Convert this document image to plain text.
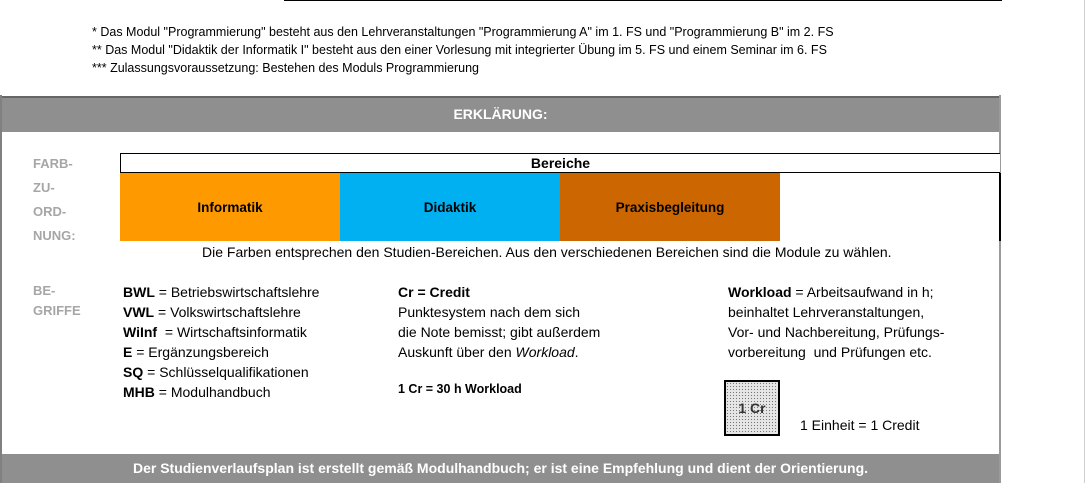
* Das Modul "Programmierung" besteht aus den Lehrveranstaltungen "Programmierung A" im 1. FS und "Programmierung B" im 2. FS
** Das Modul "Didaktik der Informatik I" besteht aus den einer Vorlesung mit integrierter Übung im 5. FS und einem Seminar im 6. FS
*** Zulassungsvoraussetzung: Bestehen des Moduls Programmierung
ERKLÄRUNG:
FARB-
ZU-
ORD-
NUNG:
Bereiche
Informatik	Didaktik	Praxisbegleitung
Die Farben entsprechen den Studien-Bereichen. Aus den verschiedenen Bereichen sind die Module zu wählen.
BE-
GRIFFE
BWL = Betriebswirtschaftslehre
VWL = Volkswirtschaftslehre
WiInf  = Wirtschaftsinformatik
E = Ergänzungsbereich
SQ = Schlüsselqualifikationen
MHB = Modulhandbuch
Cr = Credit
Punktesystem nach dem sich
die Note bemisst; gibt außerdem
Auskunft über den Workload.
1 Cr = 30 h Workload
Workload = Arbeitsaufwand in h;
beinhaltet Lehrveranstaltungen,
Vor- und Nachbereitung, Prüfungs-
vorbereitung  und Prüfungen etc.
1 Cr
1 Einheit = 1 Credit
Der Studienverlaufsplan ist erstellt gemäß Modulhandbuch; er ist eine Empfehlung und dient der Orientierung.
